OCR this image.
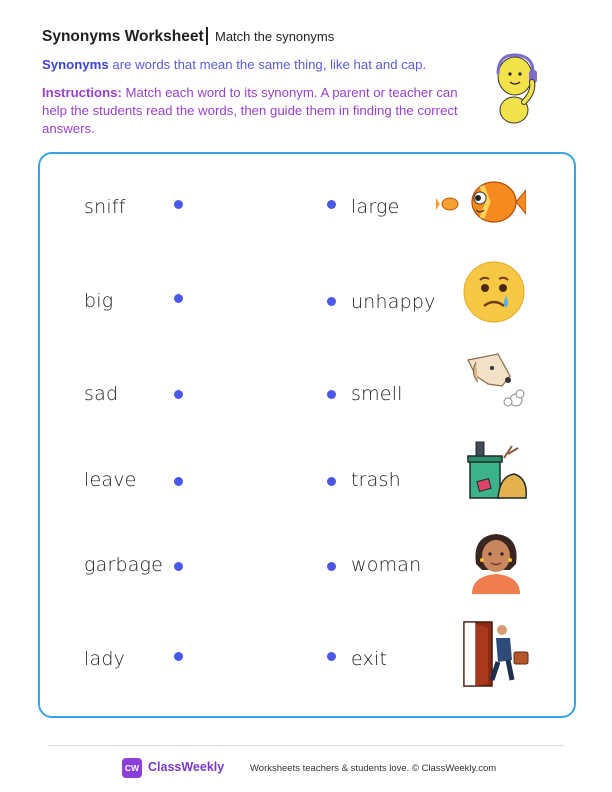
Synonyms Worksheet Match the synonyms
Synonyms are words that mean the same thing, like hat and cap.
Instructions: Match each word to its synonym. A parent or teacher can help the students read the words, then guide them in finding the correct answers.
sniff	large
big	unhappy
sad	smell
leave	trash
garbage	woman
lady	exit
CW ClassWeekly	Worksheets teachers & students love. © ClassWeekly.com
